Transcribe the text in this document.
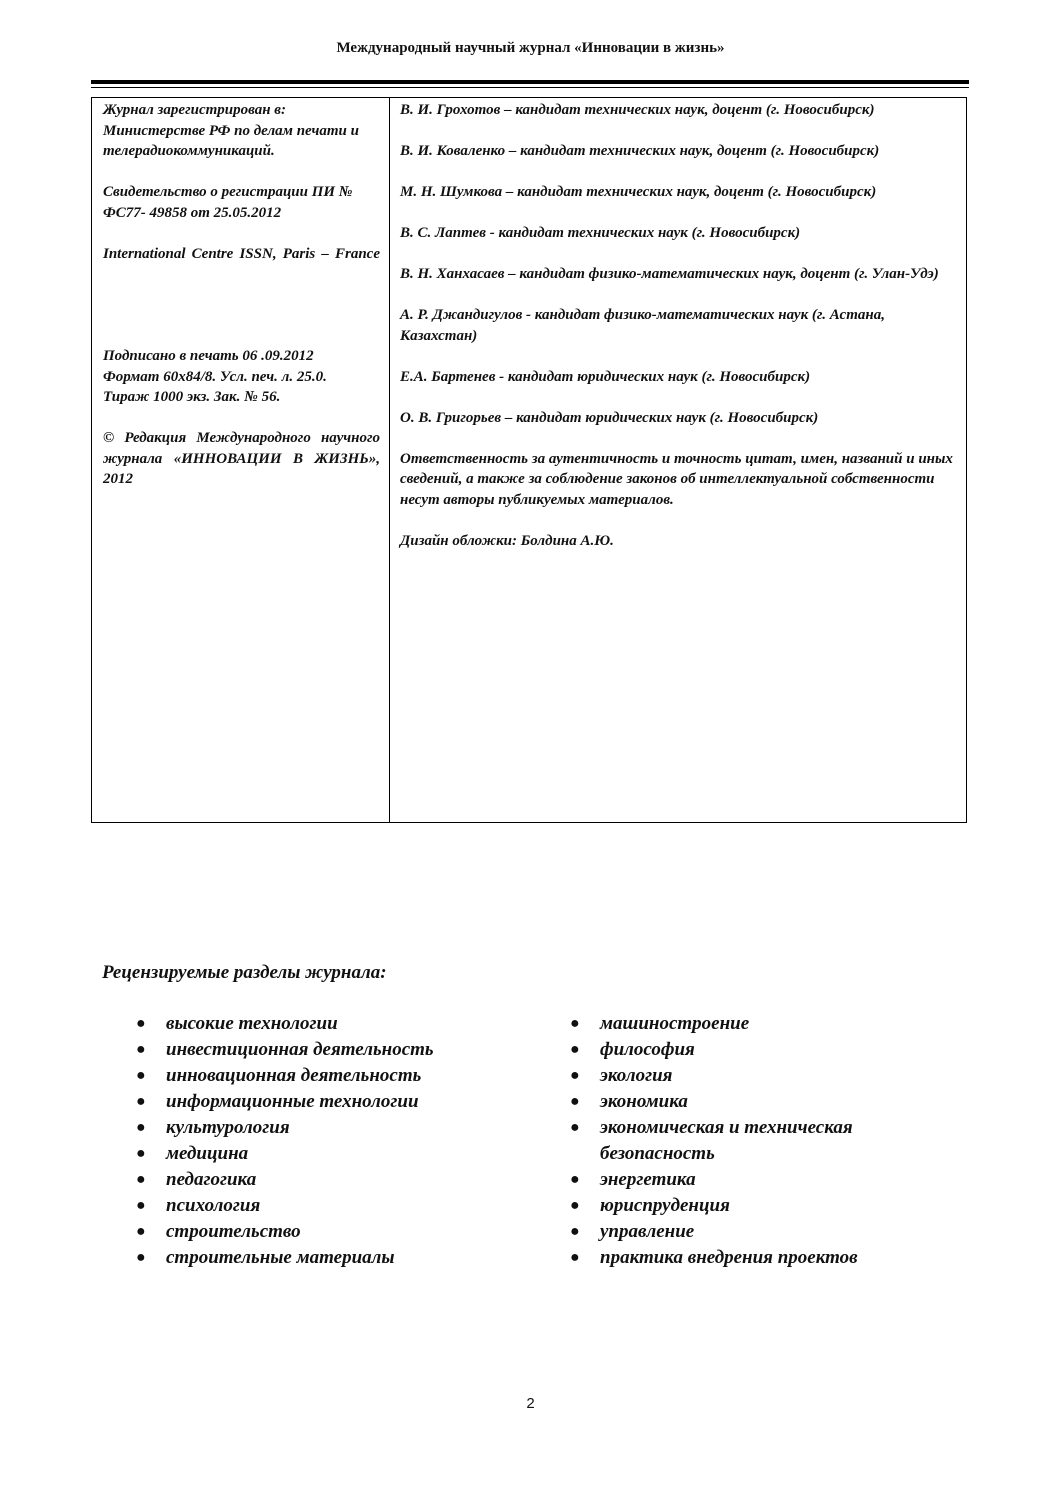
Международный научный журнал «Инновации в жизнь»

Журнал зарегистрирован в: Министерстве РФ по делам печати и телерадиокоммуникаций.

Свидетельство о регистрации ПИ № ФС77- 49858 от 25.05.2012

International Centre ISSN, Paris – France

Подписано в печать 06 .09.2012
Формат 60х84/8. Усл. печ. л. 25.0.
Тираж 1000 экз. Зак. № 56.

© Редакция Международного научного журнала «ИННОВАЦИИ В ЖИЗНЬ», 2012

В. И. Грохотов – кандидат технических наук, доцент (г. Новосибирск)

В. И. Коваленко – кандидат технических наук, доцент (г. Новосибирск)

М. Н. Шумкова – кандидат технических наук, доцент (г. Новосибирск)

В. С. Лаптев - кандидат технических наук (г. Новосибирск)

В. Н. Ханхасаев – кандидат физико-математических наук, доцент (г. Улан-Удэ)

А. Р. Джандигулов - кандидат физико-математических наук (г. Астана, Казахстан)

Е.А. Бартенев - кандидат юридических наук (г. Новосибирск)

О. В. Григорьев – кандидат юридических наук (г. Новосибирск)

Ответственность за аутентичность и точность цитат, имен, названий и иных сведений, а также за соблюдение законов об интеллектуальной собственности несут авторы публикуемых материалов.

Дизайн обложки: Болдина А.Ю.

Рецензируемые разделы журнала:
● высокие технологии
● инвестиционная деятельность
● инновационная деятельность
● информационные технологии
● культурология
● медицина
● педагогика
● психология
● строительство
● строительные материалы
● машиностроение
● философия
● экология
● экономика
● экономическая и техническая безопасность
● энергетика
● юриспруденция
● управление
● практика внедрения проектов
2
